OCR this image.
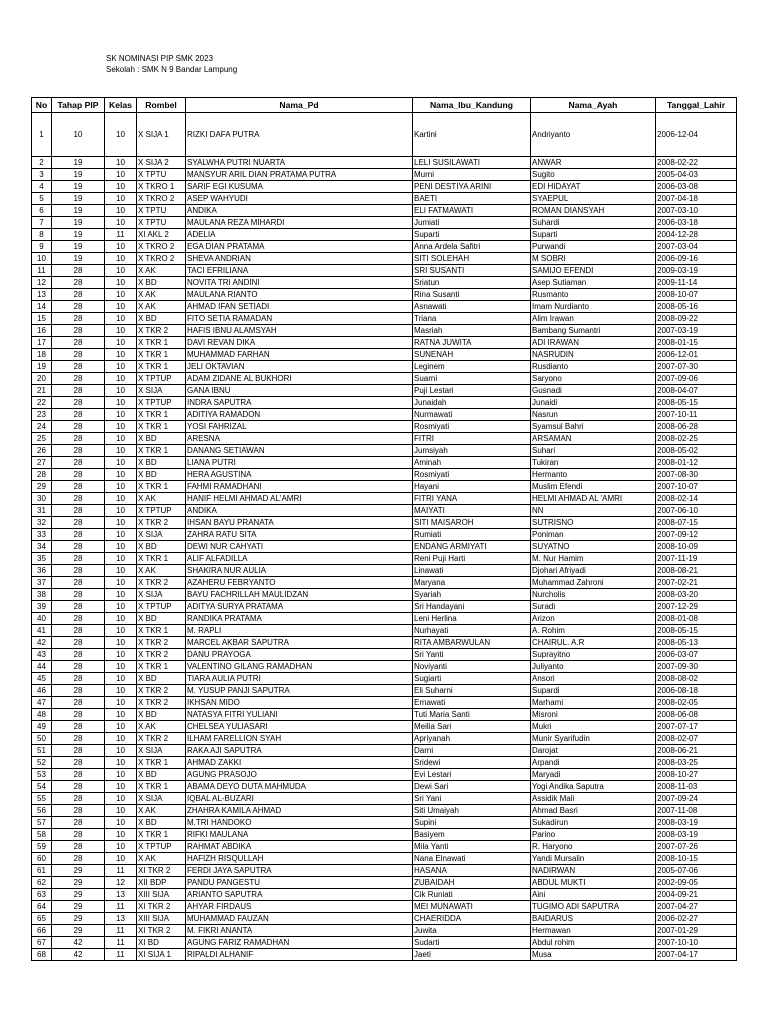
SK NOMINASI PIP SMK 2023
Sekolah : SMK N 9 Bandar Lampung
No	Tahap PIP	Kelas	Rombel	Nama_Pd	Nama_Ibu_Kandung	Nama_Ayah	Tanggal_Lahir
1	10	10	X SIJA 1	RIZKI DAFA PUTRA	Kartini	Andriyanto	2006-12-04
2	19	10	X SIJA 2	SYALWHA PUTRI NUARTA	LELI SUSILAWATI	ANWAR	2008-02-22
3	19	10	X TPTU	MANSYUR ARIL DIAN PRATAMA PUTRA	Murni	Sugito	2005-04-03
4	19	10	X TKRO 1	SARIF EGI KUSUMA	PENI DESTIYA ARINI	EDI HIDAYAT	2006-03-08
5	19	10	X TKRO 2	ASEP WAHYUDI	BAETI	SYAEPUL	2007-04-18
6	19	10	X TPTU	ANDIKA	ELI FATMAWATI	ROMAN DIANSYAH	2007-03-10
7	19	10	X TPTU	MAULANA REZA MIHARDI	Jumiati	Suhardi	2006-03-18
8	19	11	XI AKL 2	ADELIA	Suparti	Suparti	2004-12-28
9	19	10	X TKRO 2	EGA DIAN PRATAMA	Anna Ardela Safitri	Purwandi	2007-03-04
10	19	10	X TKRO 2	SHEVA ANDRIAN	SITI SOLEHAH	M SOBRI	2006-09-16
11	28	10	X AK	TACI EFRILIANA	SRI SUSANTI	SAMIJO EFENDI	2009-03-19
12	28	10	X BD	NOVITA TRI ANDINI	Sriatun	Asep Sutiaman	2009-11-14
13	28	10	X AK	MAULANA RIANTO	Rina Susanti	Rusmanto	2008-10-07
14	28	10	X AK	AHMAD IFAN SETIADI	Asnawati	Imam Nurdianto	2008-05-16
15	28	10	X BD	FITO SETIA RAMADAN	Triana	Alim Irawan	2008-09-22
16	28	10	X TKR 2	HAFIS IBNU ALAMSYAH	Masriah	Bambang Sumantri	2007-03-19
17	28	10	X TKR 1	DAVI REVAN DIKA	RATNA JUWITA	ADI IRAWAN	2008-01-15
18	28	10	X TKR 1	MUHAMMAD FARHAN	SUNENAH	NASRUDIN	2006-12-01
19	28	10	X TKR 1	JELI OKTAVIAN	Leginem	Rusdianto	2007-07-30
20	28	10	X TPTUP	ADAM ZIDANE AL BUKHORI	Suarni	Saryono	2007-09-06
21	28	10	X SIJA	GANA IBNU	Puji Lestari	Gusnadi	2008-04-07
22	28	10	X TPTUP	INDRA SAPUTRA	Junaidah	Junaidi	2008-05-15
23	28	10	X TKR 1	ADITIYA RAMADON	Nurmawati	Nasrun	2007-10-11
24	28	10	X TKR 1	YOSI FAHRIZAL	Rosmiyati	Syamsul Bahri	2008-06-28
25	28	10	X BD	ARESNA	FITRI	ARSAMAN	2008-02-25
26	28	10	X TKR 1	DANANG SETIAWAN	Jumsiyah	Suhari	2008-05-02
27	28	10	X BD	LIANA PUTRI	Aminah	Tukiran	2008-01-12
28	28	10	X BD	HERA AGUSTINA	Rosmiyati	Hermanto	2007-08-30
29	28	10	X TKR 1	FAHMI RAMADHANI	Hayani	Muslim Efendi	2007-10-07
30	28	10	X AK	HANIF HELMI AHMAD AL'AMRI	FITRI YANA	HELMI AHMAD AL 'AMRI	2008-02-14
31	28	10	X TPTUP	ANDIKA	MAIYATI	NN	2007-06-10
32	28	10	X TKR 2	IHSAN BAYU PRANATA	SITI MAISAROH	SUTRISNO	2008-07-15
33	28	10	X SIJA	ZAHRA RATU SITA	Rumiati	Poniman	2007-09-12
34	28	10	X BD	DEWI NUR CAHYATI	ENDANG ARMIYATI	SUYATNO	2008-10-09
35	28	10	X TKR 1	ALIF ALFADILLA	Reni Puji Harti	M. Nur Hamim	2007-11-19
36	28	10	X AK	SHAKIRA NUR AULIA	Linawati	Djohari Afriyadi	2008-08-21
37	28	10	X TKR 2	AZAHERU FEBRYANTO	Maryana	Muhammad Zahroni	2007-02-21
38	28	10	X SIJA	BAYU FACHRILLAH MAULIDZAN	Syariah	Nurcholis	2008-03-20
39	28	10	X TPTUP	ADITYA SURYA PRATAMA	Sri Handayani	Suradi	2007-12-29
40	28	10	X BD	RANDIKA PRATAMA	Leni Herlina	Arizon	2008-01-08
41	28	10	X TKR 1	M. RAPLI	Nurhayati	A. Rohim	2008-05-15
42	28	10	X TKR 2	MARCEL AKBAR SAPUTRA	RITA AMBARWULAN	CHAIRUL. A.R	2008-05-13
43	28	10	X TKR 2	DANU PRAYOGA	Sri Yanti	Suprayitno	2006-03-07
44	28	10	X TKR 1	VALENTINO GILANG RAMADHAN	Noviyanti	Juliyanto	2007-09-30
45	28	10	X BD	TIARA AULIA PUTRI	Sugiarti	Ansori	2008-08-02
46	28	10	X TKR 2	M. YUSUP PANJI SAPUTRA	Eli Suharni	Supardi	2006-08-18
47	28	10	X TKR 2	IKHSAN MIDO	Ernawati	Marhami	2008-02-05
48	28	10	X BD	NATASYA FITRI YULIANI	Tuti Maria Santi	Misroni	2008-06-08
49	28	10	X AK	CHELSEA YULIASARI	Meilia Sari	Mukri	2007-07-17
50	28	10	X TKR 2	ILHAM FARELLION SYAH	Apriyanah	Munir Syarifudin	2008-02-07
51	28	10	X SIJA	RAKA AJI SAPUTRA	Darni	Darojat	2008-06-21
52	28	10	X TKR 1	AHMAD ZAKKI	Sridewi	Arpandi	2008-03-25
53	28	10	X BD	AGUNG PRASOJO	Evi Lestari	Maryadi	2008-10-27
54	28	10	X TKR 1	ABAMA DEYO DUTA MAHMUDA	Dewi Sari	Yogi Andika Saputra	2008-11-03
55	28	10	X SIJA	IQBAL AL-BUZARI	Sri Yani	Assidik Mali	2007-09-24
56	28	10	X AK	ZHAHRA KAMILA AHMAD	Siti Umaiyah	Ahmad Basri	2007-11-08
57	28	10	X BD	M.TRI HANDOKO	Supini	Sukadirun	2008-03-19
58	28	10	X TKR 1	RIFKI MAULANA	Basiyem	Parino	2008-03-19
59	28	10	X TPTUP	RAHMAT ABDIKA	Mila Yanti	R. Haryono	2007-07-26
60	28	10	X AK	HAFIZH RISQULLAH	Nana Elnawati	Yandi Mursalin	2008-10-15
61	29	11	XI TKR 2	FERDI JAYA SAPUTRA	HASANA	NADIRWAN	2005-07-06
62	29	12	XII BDP	PANDU PANGESTU	ZUBAIDAH	ABDUL MUKTI	2002-09-05
63	29	13	XIII SIJA	ARIANTO SAPUTRA	Cik Runiati	Aini	2004-09-21
64	29	11	XI TKR 2	AHYAR FIRDAUS	MEI MUNAWATI	TUGIMO ADI SAPUTRA	2007-04-27
65	29	13	XIII SIJA	MUHAMMAD FAUZAN	CHAERIDDA	BAIDARUS	2006-02-27
66	29	11	XI TKR 2	M. FIKRI ANANTA	Juwita	Hermawan	2007-01-29
67	42	11	XI BD	AGUNG FARIZ RAMADHAN	Sudarti	Abdul rohim	2007-10-10
68	42	11	XI SIJA 1	RIPALDI ALHANIF	Jaeti	Musa	2007-04-17
